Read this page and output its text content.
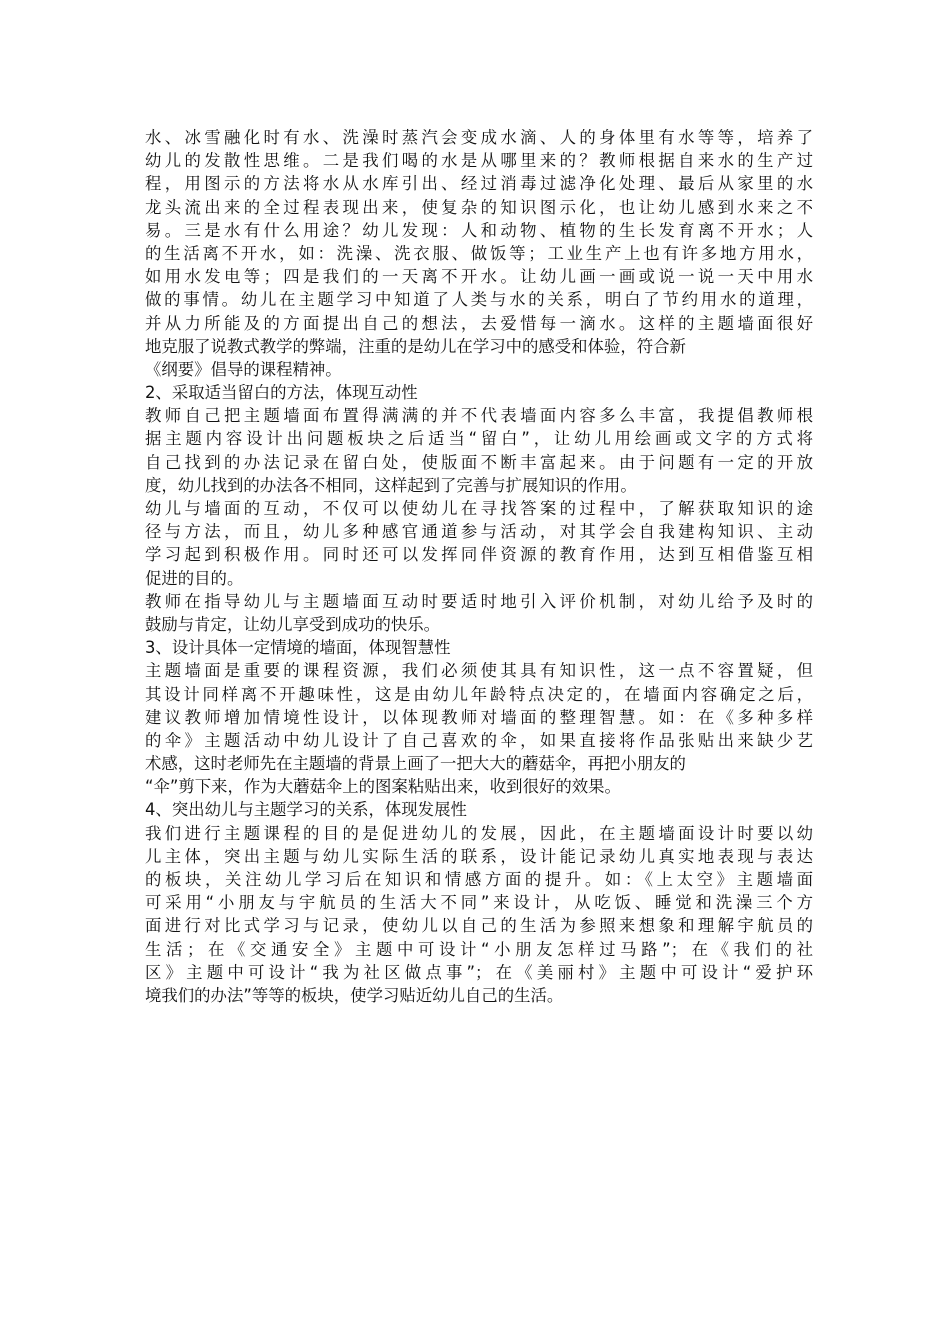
水、冰雪融化时有水、洗澡时蒸汽会变成水滴、人的身体里有水等等，培养了
幼儿的发散性思维。二是我们喝的水是从哪里来的？教师根据自来水的生产过
程，用图示的方法将水从水库引出、经过消毒过滤净化处理、最后从家里的水
龙头流出来的全过程表现出来，使复杂的知识图示化，也让幼儿感到水来之不
易。三是水有什么用途？幼儿发现：人和动物、植物的生长发育离不开水；人
的生活离不开水，如：洗澡、洗衣服、做饭等；工业生产上也有许多地方用水，
如用水发电等；四是我们的一天离不开水。让幼儿画一画或说一说一天中用水
做的事情。幼儿在主题学习中知道了人类与水的关系，明白了节约用水的道理，
并从力所能及的方面提出自己的想法，去爱惜每一滴水。这样的主题墙面很好
地克服了说教式教学的弊端，注重的是幼儿在学习中的感受和体验，符合新
《纲要》倡导的课程精神。
2、采取适当留白的方法，体现互动性
教师自己把主题墙面布置得满满的并不代表墙面内容多么丰富，我提倡教师根
据主题内容设计出问题板块之后适当“留白”，让幼儿用绘画或文字的方式将
自己找到的办法记录在留白处，使版面不断丰富起来。由于问题有一定的开放
度，幼儿找到的办法各不相同，这样起到了完善与扩展知识的作用。
幼儿与墙面的互动，不仅可以使幼儿在寻找答案的过程中，了解获取知识的途
径与方法，而且，幼儿多种感官通道参与活动，对其学会自我建构知识、主动
学习起到积极作用。同时还可以发挥同伴资源的教育作用，达到互相借鉴互相
促进的目的。
教师在指导幼儿与主题墙面互动时要适时地引入评价机制，对幼儿给予及时的
鼓励与肯定，让幼儿享受到成功的快乐。
3、设计具体一定情境的墙面，体现智慧性
主题墙面是重要的课程资源，我们必须使其具有知识性，这一点不容置疑，但
其设计同样离不开趣味性，这是由幼儿年龄特点决定的，在墙面内容确定之后，
建议教师增加情境性设计，以体现教师对墙面的整理智慧。如：在《多种多样
的伞》主题活动中幼儿设计了自己喜欢的伞，如果直接将作品张贴出来缺少艺
术感，这时老师先在主题墙的背景上画了一把大大的蘑菇伞，再把小朋友的
“伞”剪下来，作为大蘑菇伞上的图案粘贴出来，收到很好的效果。
4、突出幼儿与主题学习的关系，体现发展性
我们进行主题课程的目的是促进幼儿的发展，因此，在主题墙面设计时要以幼
儿主体，突出主题与幼儿实际生活的联系，设计能记录幼儿真实地表现与表达
的板块，关注幼儿学习后在知识和情感方面的提升。如：《上太空》主题墙面
可采用“小朋友与宇航员的生活大不同”来设计，从吃饭、睡觉和洗澡三个方
面进行对比式学习与记录，使幼儿以自己的生活为参照来想象和理解宇航员的
生活；在《交通安全》主题中可设计“小朋友怎样过马路”；在《我们的社
区》主题中可设计“我为社区做点事”；在《美丽村》主题中可设计“爱护环
境我们的办法”等等的板块，使学习贴近幼儿自己的生活。
